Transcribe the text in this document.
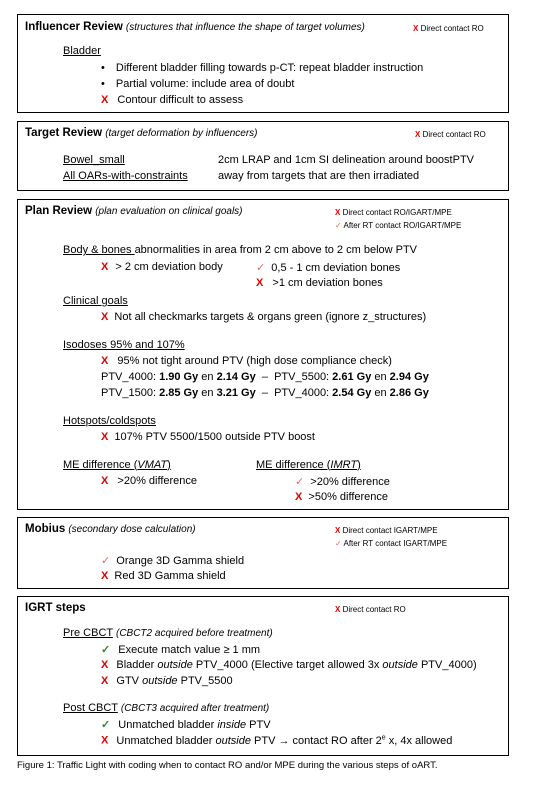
Influencer Review (structures that influence the shape of target volumes)	X Direct contact RO
Bladder
• Different bladder filling towards p-CT: repeat bladder instruction
• Partial volume: include area of doubt
X Contour difficult to assess
Target Review (target deformation by influencers)	X Direct contact RO
Bowel_small	2cm LRAP and 1cm SI delineation around boostPTV
All OARs-with-constraints	away from targets that are then irradiated
Plan Review (plan evaluation on clinical goals)	X Direct contact RO/IGART/MPE
✓ After RT contact RO/IGART/MPE
Body & bones abnormalities in area from 2 cm above to 2 cm below PTV
X > 2 cm deviation body	✓ 0,5 - 1 cm deviation bones
X >1 cm deviation bones
Clinical goals
X Not all checkmarks targets & organs green (ignore z_structures)
Isodoses 95% and 107%
X 95% not tight around PTV (high dose compliance check)
PTV_4000: 1.90 Gy en 2.14 Gy  –  PTV_5500: 2.61 Gy en 2.94 Gy
PTV_1500: 2.85 Gy en 3.21 Gy  –  PTV_4000: 2.54 Gy en 2.86 Gy
Hotspots/coldspots
X 107% PTV 5500/1500 outside PTV boost
ME difference (VMAT)
X >20% difference
ME difference (IMRT)
✓ >20% difference
X >50% difference
Mobius (secondary dose calculation)	X Direct contact IGART/MPE
✓ After RT contact IGART/MPE
✓ Orange 3D Gamma shield
X Red 3D Gamma shield
IGRT steps	X Direct contact RO
Pre CBCT (CBCT2 acquired before treatment)
✓ Execute match value ≥ 1 mm
X Bladder outside PTV_4000 (Elective target allowed 3x outside PTV_4000)
X GTV outside PTV_5500
Post CBCT (CBCT3 acquired after treatment)
✓ Unmatched bladder inside PTV
X Unmatched bladder outside PTV → contact RO after 2e x, 4x allowed
Figure 1: Traffic Light with coding when to contact RO and/or MPE during the various steps of oART.
